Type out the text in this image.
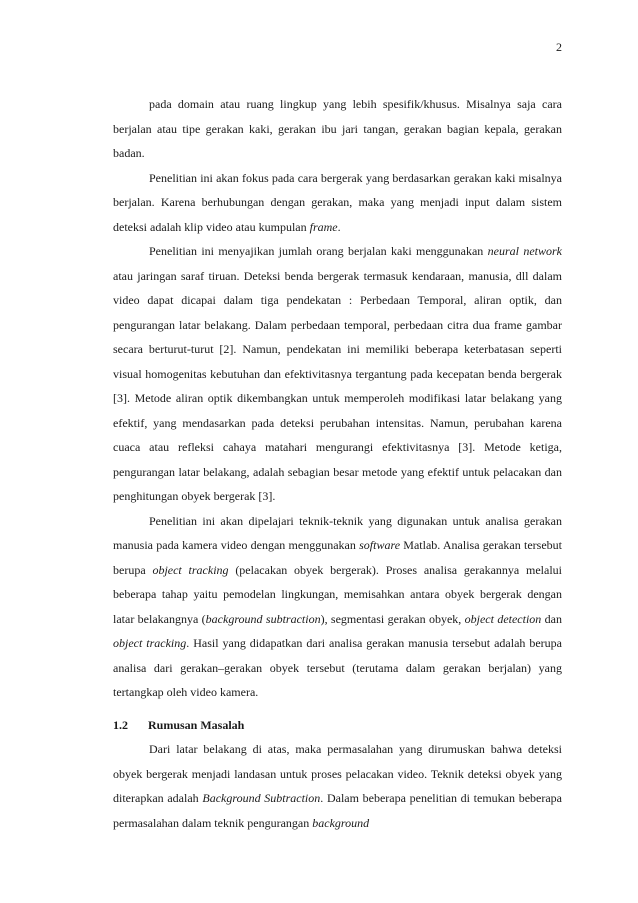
2

pada domain atau ruang lingkup yang lebih spesifik/khusus. Misalnya saja cara berjalan atau tipe gerakan kaki, gerakan ibu jari tangan, gerakan bagian kepala, gerakan badan.

Penelitian ini akan fokus pada cara bergerak yang berdasarkan gerakan kaki misalnya berjalan. Karena berhubungan dengan gerakan, maka yang menjadi input dalam sistem deteksi adalah klip video atau kumpulan frame.

Penelitian ini menyajikan jumlah orang berjalan kaki menggunakan neural network atau jaringan saraf tiruan. Deteksi benda bergerak termasuk kendaraan, manusia, dll dalam video dapat dicapai dalam tiga pendekatan : Perbedaan Temporal, aliran optik, dan pengurangan latar belakang. Dalam perbedaan temporal, perbedaan citra dua frame gambar secara berturut-turut [2]. Namun, pendekatan ini memiliki beberapa keterbatasan seperti visual homogenitas kebutuhan dan efektivitasnya tergantung pada kecepatan benda bergerak [3]. Metode aliran optik dikembangkan untuk memperoleh modifikasi latar belakang yang efektif, yang mendasarkan pada deteksi perubahan intensitas. Namun, perubahan karena cuaca atau refleksi cahaya matahari mengurangi efektivitasnya [3]. Metode ketiga, pengurangan latar belakang, adalah sebagian besar metode yang efektif untuk pelacakan dan penghitungan obyek bergerak [3].

Penelitian ini akan dipelajari teknik-teknik yang digunakan untuk analisa gerakan manusia pada kamera video dengan menggunakan software Matlab. Analisa gerakan tersebut berupa object tracking (pelacakan obyek bergerak). Proses analisa gerakannya melalui beberapa tahap yaitu pemodelan lingkungan, memisahkan antara obyek bergerak dengan latar belakangnya (background subtraction), segmentasi gerakan obyek, object detection dan object tracking. Hasil yang didapatkan dari analisa gerakan manusia tersebut adalah berupa analisa dari gerakan–gerakan obyek tersebut (terutama dalam gerakan berjalan) yang tertangkap oleh video kamera.

1.2 Rumusan Masalah

Dari latar belakang di atas, maka permasalahan yang dirumuskan bahwa deteksi obyek bergerak menjadi landasan untuk proses pelacakan video. Teknik deteksi obyek yang diterapkan adalah Background Subtraction. Dalam beberapa penelitian di temukan beberapa permasalahan dalam teknik pengurangan background
